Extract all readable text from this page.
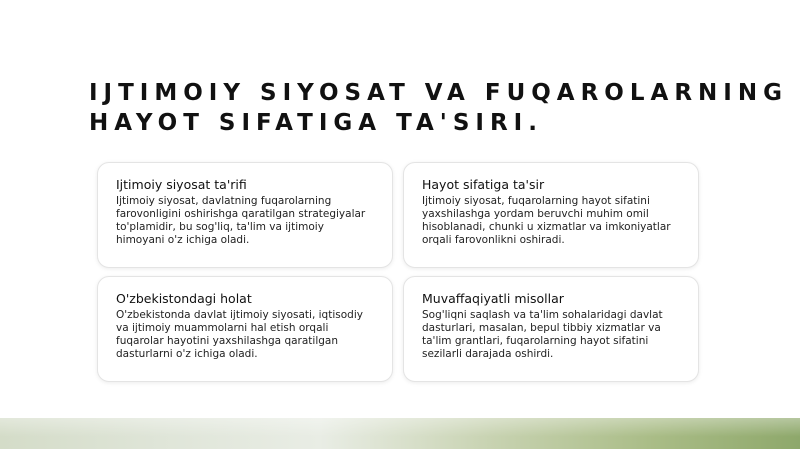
IJTIMOIY SIYOSAT VA FUQAROLARNING
HAYOT SIFATIGA TA'SIRI.
Ijtimoiy siyosat ta'rifi

Ijtimoiy siyosat, davlatning fuqarolarning
farovonligini oshirishga qaratilgan strategiyalar
to'plamidir, bu sog'liq, ta'lim va ijtimoiy
himoyani o'z ichiga oladi.

Hayot sifatiga ta'sir

Ijtimoiy siyosat, fuqarolarning hayot sifatini
yaxshilashga yordam beruvchi muhim omil
hisoblanadi, chunki u xizmatlar va imkoniyatlar
orqali farovonlikni oshiradi.

O'zbekistondagi holat

O'zbekistonda davlat ijtimoiy siyosati, iqtisodiy
va ijtimoiy muammolarni hal etish orqali
fuqarolar hayotini yaxshilashga qaratilgan
dasturlarni o'z ichiga oladi.

Muvaffaqiyatli misollar

Sog'liqni saqlash va ta'lim sohalaridagi davlat
dasturlari, masalan, bepul tibbiy xizmatlar va
ta'lim grantlari, fuqarolarning hayot sifatini
sezilarli darajada oshirdi.
